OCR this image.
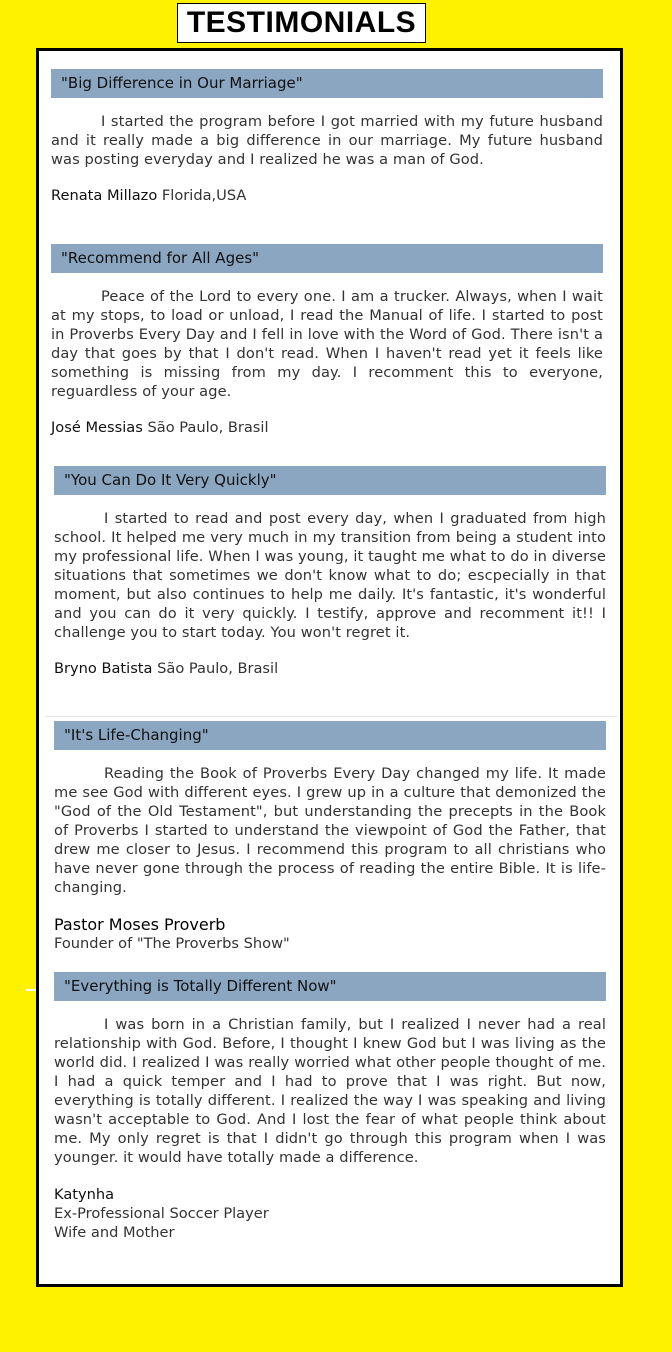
TESTIMONIALS
"Big Difference in Our Marriage"
I started the program before I got married with my future husband and it really made a big difference in our marriage. My future husband was posting everyday and I realized he was a man of God.
Renata Millazo Florida,USA
"Recommend for All Ages"
Peace of the Lord to every one. I am a trucker. Always, when I wait at my stops, to load or unload, I read the Manual of life. I started to post in Proverbs Every Day and I fell in love with the Word of God. There isn't a day that goes by that I don't read. When I haven't read yet it feels like something is missing from my day. I recomment this to everyone, reguardless of your age.
José Messias São Paulo, Brasil
"You Can Do It Very Quickly"
I started to read and post every day, when I graduated from high school. It helped me very much in my transition from being a student into my professional life. When I was young, it taught me what to do in diverse situations that sometimes we don't know what to do; escpecially in that moment, but also continues to help me daily. It's fantastic, it's wonderful and you can do it very quickly. I testify, approve and recomment it!! I challenge you to start today. You won't regret it.
Bryno Batista São Paulo, Brasil
"It's Life-Changing"
Reading the Book of Proverbs Every Day changed my life. It made me see God with different eyes. I grew up in a culture that demonized the "God of the Old Testament", but understanding the precepts in the Book of Proverbs I started to understand the viewpoint of God the Father, that drew me closer to Jesus. I recommend this program to all christians who have never gone through the process of reading the entire Bible. It is life-changing.
Pastor Moses Proverb
Founder of "The Proverbs Show"
"Everything is Totally Different Now"
I was born in a Christian family, but I realized I never had a real relationship with God. Before, I thought I knew God but I was living as the world did. I realized I was really worried what other people thought of me. I had a quick temper and I had to prove that I was right. But now, everything is totally different. I realized the way I was speaking and living wasn't acceptable to God. And I lost the fear of what people think about me. My only regret is that I didn't go through this program when I was younger. it would have totally made a difference.
Katynha
Ex-Professional Soccer Player
Wife and Mother
